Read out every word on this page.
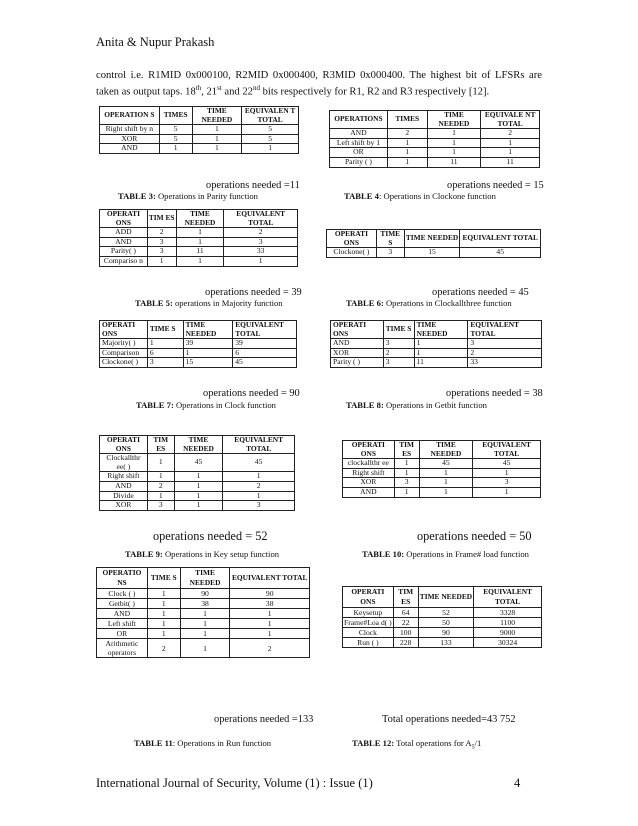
Anita & Nupur Prakash
control i.e. R1MID 0x000100, R2MID 0x000400, R3MID 0x000400. The highest bit of LFSRs are taken as output taps. 18th, 21st and 22nd bits respectively for R1, R2 and R3 respectively [12].
OPERATION S	TIMES	TIME NEEDED	EQUIVALEN T TOTAL
Right shift by n	5	1	5
XOR	5	1	5
AND	1	1	1
operations needed =11
TABLE 3: Operations in Parity function
OPERATIONS	TIMES	TIME NEEDED	EQUIVALE NT TOTAL
AND	2	1	2
Left shift by 1	1	1	1
OR	1	1	1
Parity ( )	1	11	11
operations needed = 15
TABLE 4: Operations in Clockone function
OPERATI ONS	TIM ES	TIME NEEDED	EQUIVALENT TOTAL
ADD	2	1	2
AND	3	1	3
Parity( )	3	11	33
Compariso n	1	1	1
operations needed = 39
TABLE 5: operations in Majority function
OPERATI ONS	TIME S	TIME NEEDED	EQUIVALENT TOTAL
Clockone( )	3	15	45
operations needed = 45
TABLE 6: Operations in Clockallthree function
OPERATI ONS	TIME S	TIME NEEDED	EQUIVALENT TOTAL
Majority( )	1	39	39
Comparison	6	1	6
Clockone( )	3	15	45
operations needed = 90
TABLE 7: Operations in Clock function
OPERATI ONS	TIME S	TIME NEEDED	EQUIVALENT TOTAL
AND	3	1	3
XOR	2	1	2
Parity ( )	3	11	33
operations needed = 38
TABLE 8: Operations in Getbit function
OPERATI ONS	TIM ES	TIME NEEDED	EQUIVALENT TOTAL
Clockallthr ee( )	1	45	45
Right shift	1	1	1
AND	2	1	2
Divide	1	1	1
XOR	3	1	3
operations needed = 52
TABLE 9: Operations in Key setup function
OPERATI ONS	TIM ES	TIME NEEDED	EQUIVALENT TOTAL
clockallthr ee	1	45	45
Right shift	1	1	1
XOR	3	1	3
AND	1	1	1
operations needed = 50
TABLE 10: Operations in Frame# load function
OPERATIO NS	TIME S	TIME NEEDED	EQUIVALENT TOTAL
Clock ( )	1	90	90
Getbit( )	1	38	38
AND	1	1	1
Left shift	1	1	1
OR	1	1	1
Arithmetic operators	2	1	2
operations needed =133
TABLE 11: Operations in Run function
OPERATI ONS	TIM ES	TIME NEEDED	EQUIVALENT TOTAL
Keysetup	64	52	3328
Frame#Loa d( )	22	50	1100
Clock	100	90	9000
Run ( )	228	133	30324
Total operations needed=43 752
TABLE 12: Total operations for $A_5/1$
International Journal of Security, Volume (1) : Issue (1)	4
